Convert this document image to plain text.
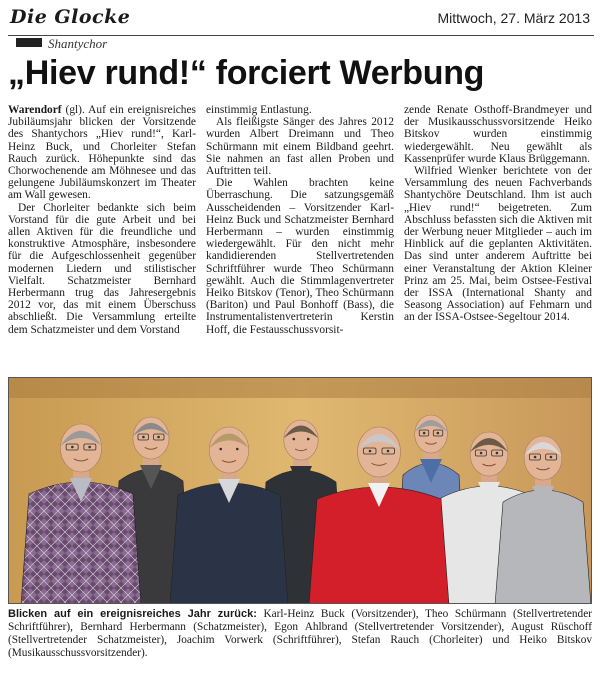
Die Glocke	Mittwoch, 27. März 2013
Shantychor
„Hiev rund!“ forciert Werbung

Warendorf (gl). Auf ein ereignisreiches Jubiläumsjahr blicken der Vorsitzende des Shantychors „Hiev rund!“, Karl-Heinz Buck, und Chorleiter Stefan Rauch zurück. Höhepunkte sind das Chorwochenende am Möhnesee und das gelungene Jubiläumskonzert im Theater am Wall gewesen.

Der Chorleiter bedankte sich beim Vorstand für die gute Arbeit und bei allen Aktiven für die freundliche und konstruktive Atmosphäre, insbesondere für die Aufgeschlossenheit gegenüber modernen Liedern und stilistischer Vielfalt. Schatzmeister Bernhard Herbermann trug das Jahresergebnis 2012 vor, das mit einem Überschuss abschließt. Die Versammlung erteilte dem Schatzmeister und dem Vorstand

einstimmig Entlastung.

Als fleißigste Sänger des Jahres 2012 wurden Albert Dreimann und Theo Schürmann mit einem Bildband geehrt. Sie nahmen an fast allen Proben und Auftritten teil.

Die Wahlen brachten keine Überraschung. Die satzungsgemäß Ausscheidenden – Vorsitzender Karl-Heinz Buck und Schatzmeister Bernhard Herbermann – wurden einstimmig wiedergewählt. Für den nicht mehr kandidierenden Stellvertretenden Schriftführer wurde Theo Schürmann gewählt. Auch die Stimmlagenvertreter Heiko Bitskov (Tenor), Theo Schürmann (Bariton) und Paul Bonhoff (Bass), die Instrumentalistenvertreterin Kerstin Hoff, die Festausschussvorsit-

zende Renate Osthoff-Brandmeyer und der Musikausschussvorsitzende Heiko Bitskov wurden einstimmig wiedergewählt. Neu gewählt als Kassenprüfer wurde Klaus Brüggemann.

Wilfried Wienker berichtete von der Versammlung des neuen Fachverbands Shantychöre Deutschland. Ihm ist auch „Hiev rund!“ beigetreten. Zum Abschluss befassten sich die Aktiven mit der Werbung neuer Mitglieder – auch im Hinblick auf die geplanten Aktivitäten. Das sind unter anderem Auftritte bei einer Veranstaltung der Aktion Kleiner Prinz am 25. Mai, beim Ostsee-Festival der ISSA (International Shanty and Seasong Association) auf Fehmarn und an der ISSA-Ostsee-Segeltour 2014.

Blicken auf ein ereignisreiches Jahr zurück: Karl-Heinz Buck (Vorsitzender), Theo Schürmann (Stellvertretender Schriftführer), Bernhard Herbermann (Schatzmeister), Egon Ahlbrand (Stellvertretender Vorsitzender), August Rüschoff (Stellvertretender Schatzmeister), Joachim Vorwerk (Schriftführer), Stefan Rauch (Chorleiter) und Heiko Bitskov (Musikausschussvorsitzender).
